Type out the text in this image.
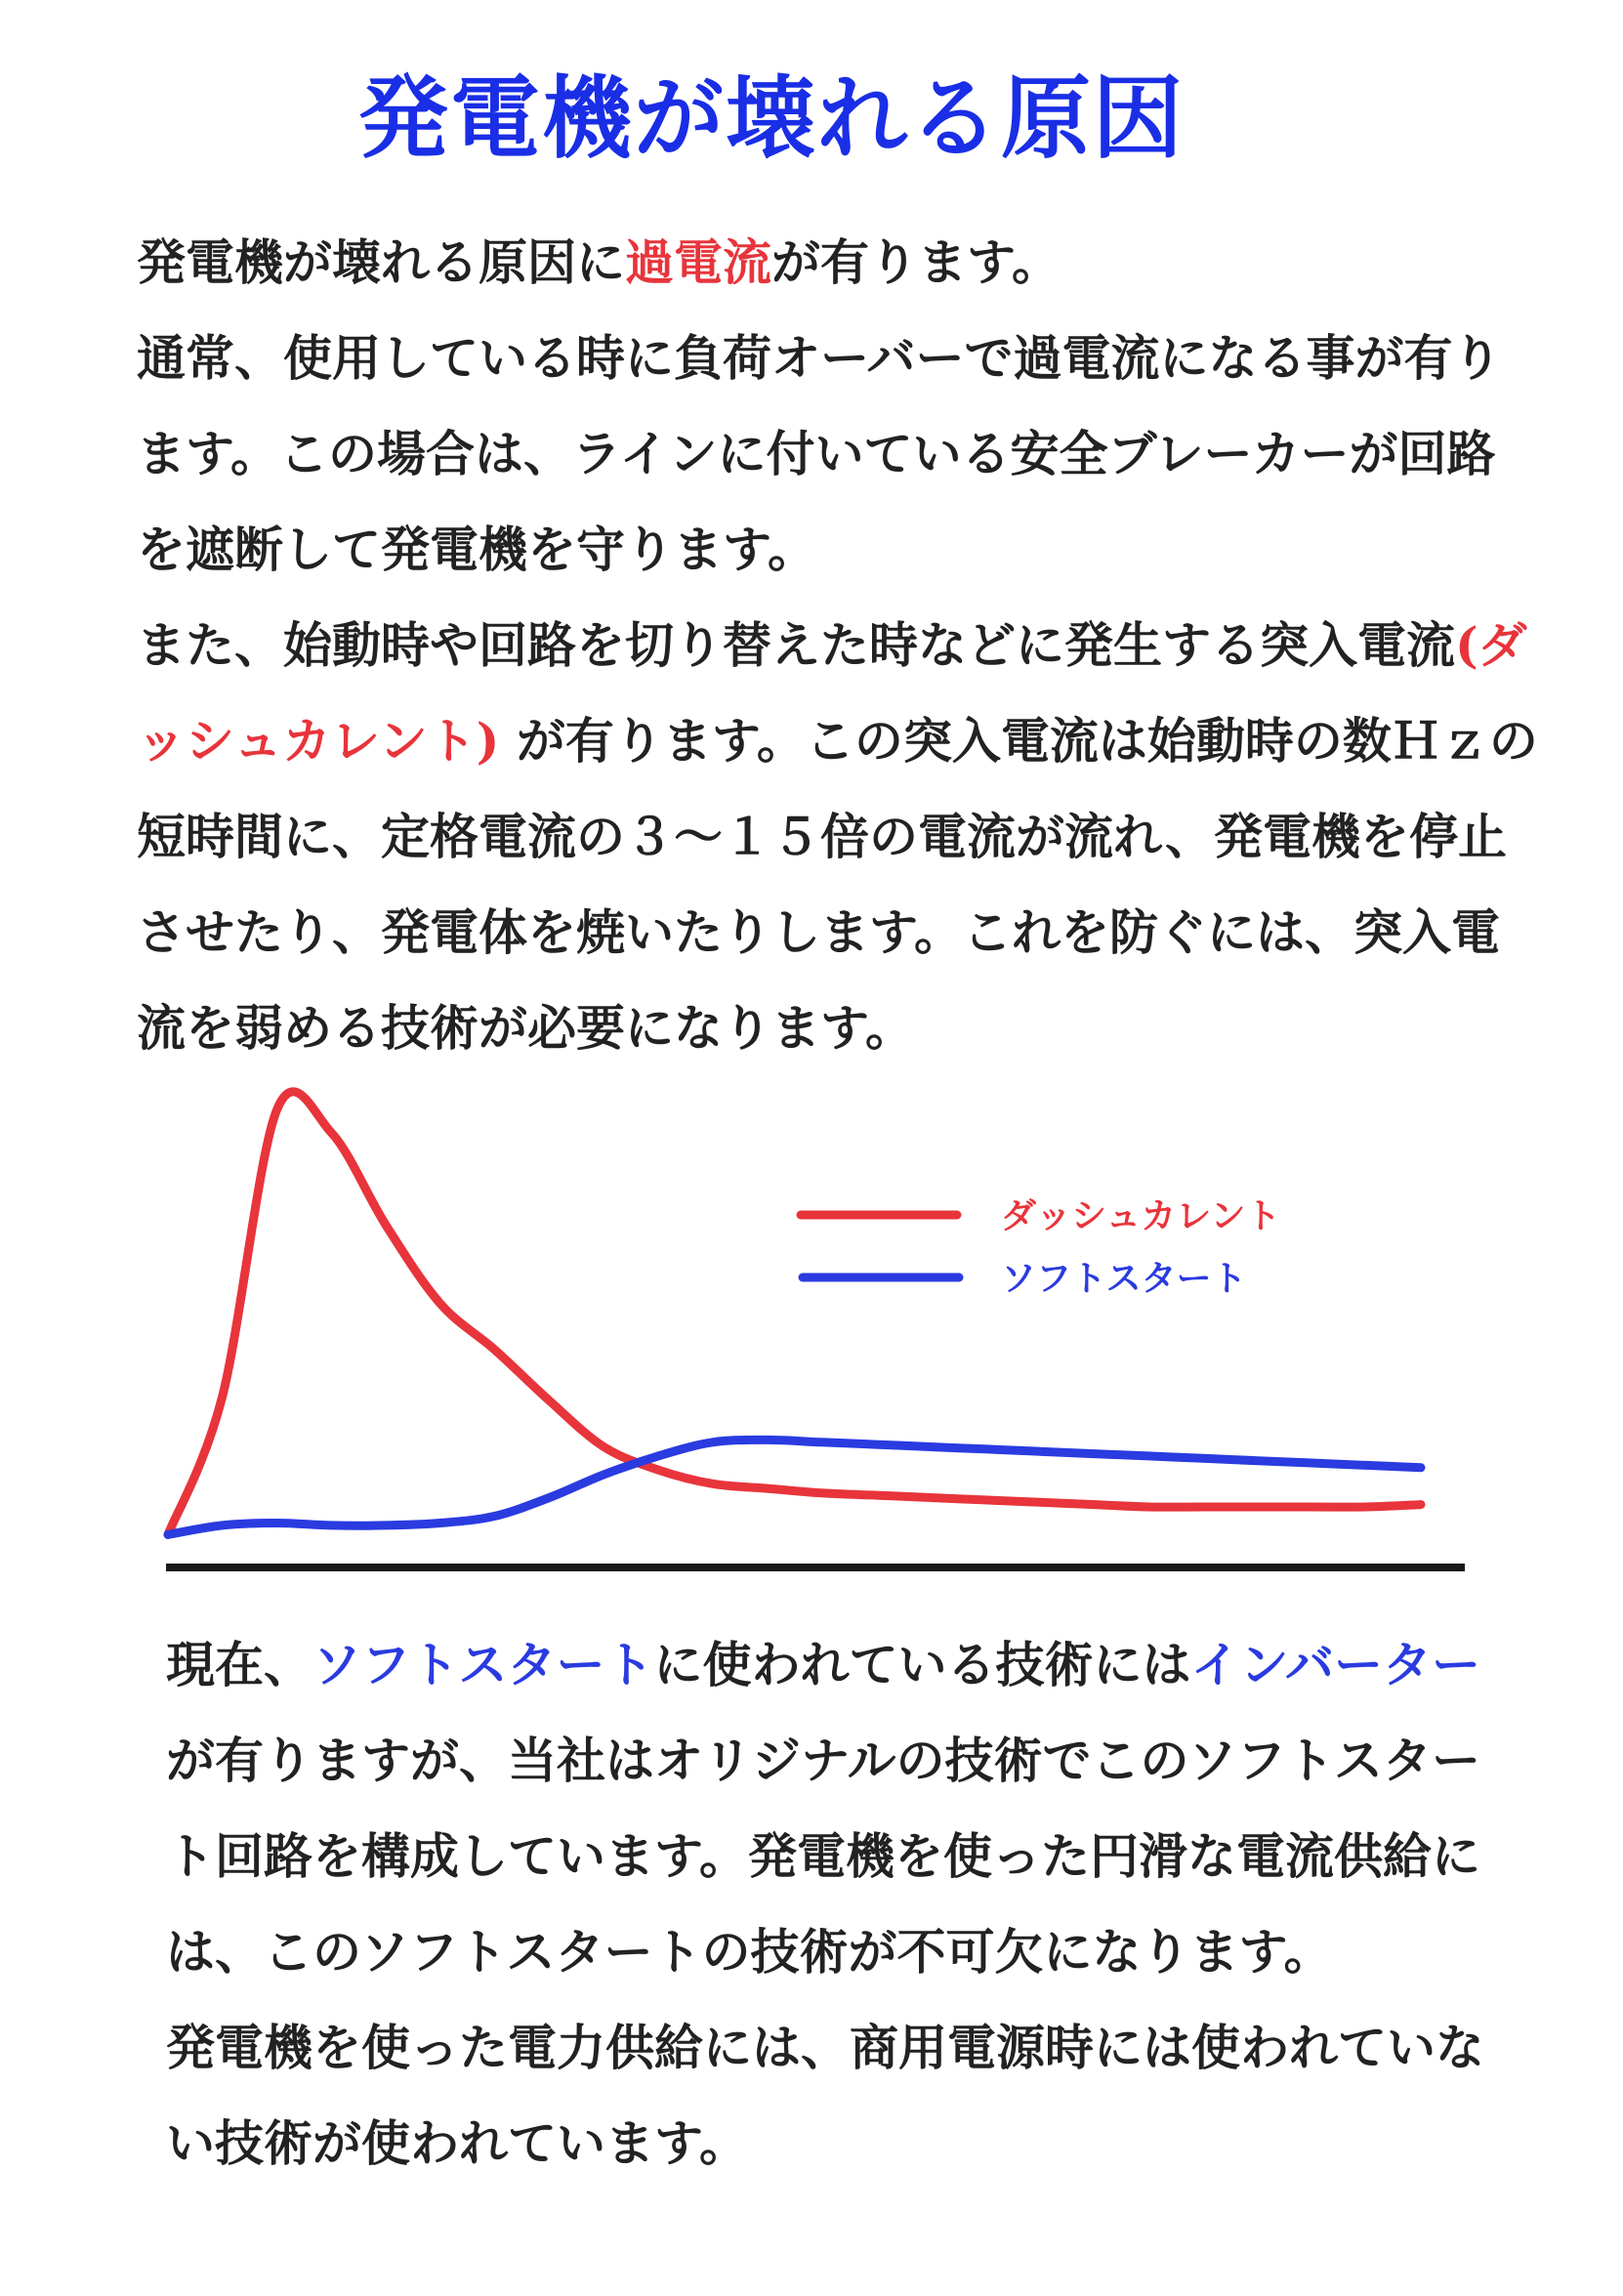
発電機が壊れる原因
発電機が壊れる原因に過電流が有ります。
通常、使用している時に負荷オーバーで過電流になる事が有り
ます。この場合は、ラインに付いている安全ブレーカーが回路
を遮断して発電機を守ります。
また、始動時や回路を切り替えた時などに発生する突入電流(ダ
ッシュカレント) が有ります。この突入電流は始動時の数Ｈｚの
短時間に、定格電流の３～１５倍の電流が流れ、発電機を停止
させたり、発電体を焼いたりします。これを防ぐには、突入電
流を弱める技術が必要になります。
ダッシュカレント
ソフトスタート
現在、ソフトスタートに使われている技術にはインバーター
が有りますが、当社はオリジナルの技術でこのソフトスター
ト回路を構成しています。発電機を使った円滑な電流供給に
は、このソフトスタートの技術が不可欠になります。
発電機を使った電力供給には、商用電源時には使われていな
い技術が使われています。
